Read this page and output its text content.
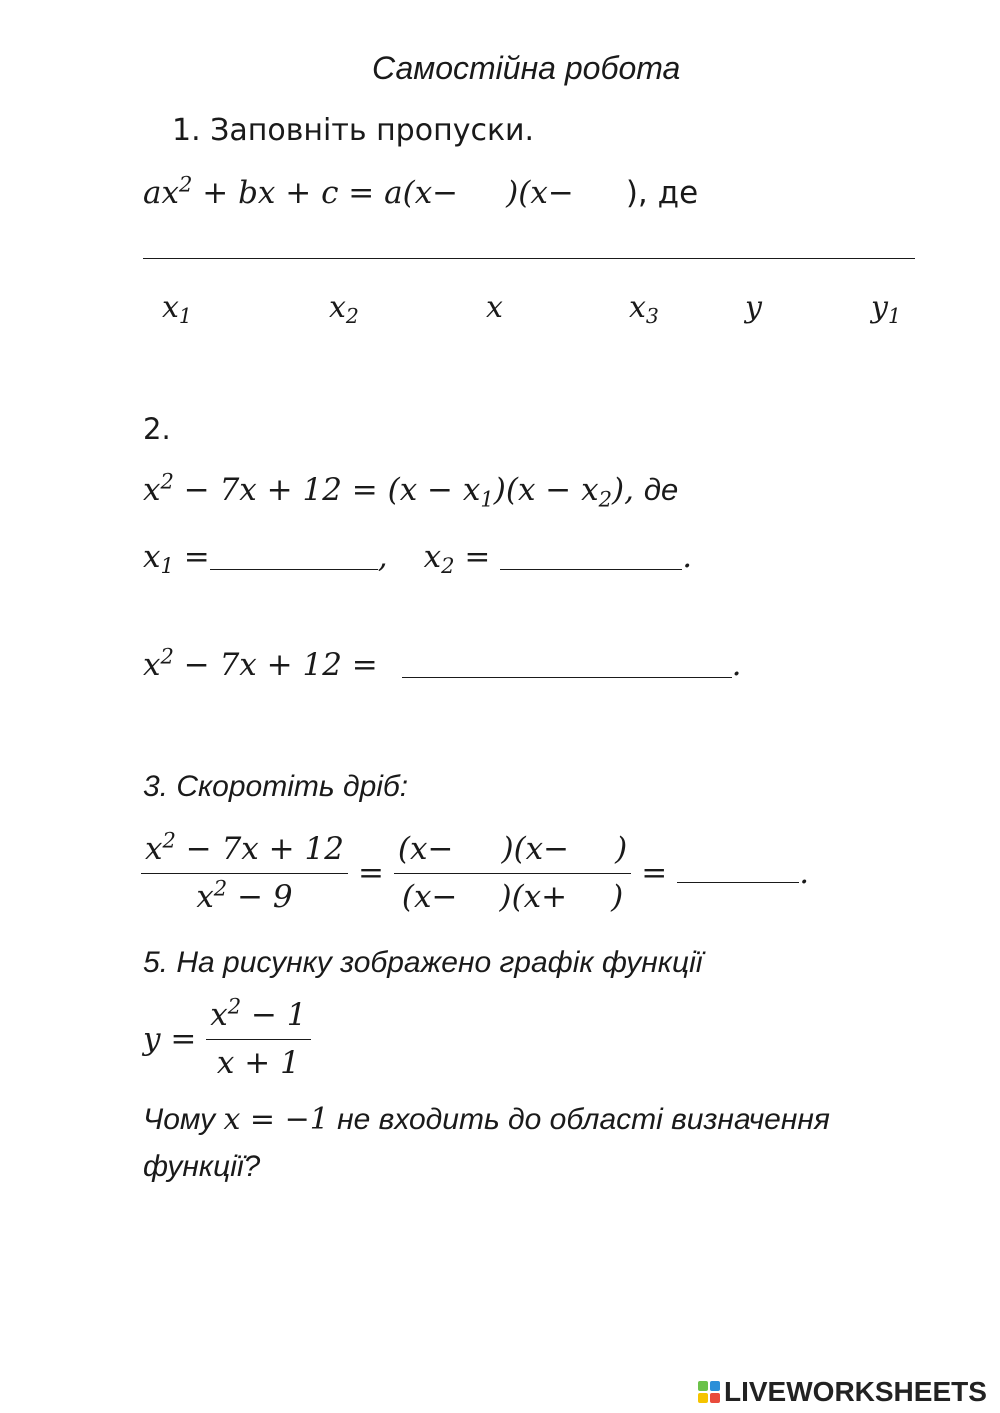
Самостійна робота
1. Заповніть пропуски.
$ax^2$ + bx + c = a(x− )(x− ), де
$x_1$	$x_2$	x	$x_3$	y	$y_1$
2.
$x^2 - 7x + 12 = (x - x_1)(x - x_2)$, де
$x_1$ =	, $x_2$ =	.
$x^2 - 7x + 12$ =	.
3. Скоротіть дріб:
$\frac{x^2 - 7x + 12}{x^2 - 9} = \frac{(x- )(x- )}{(x- )(x+ )}$ =	.
5. На рисунку зображено графік функції
$y = \frac{x^2 - 1}{x + 1}$
Чому x = −1 не входить до області визначення
функції?
LIVEWORKSHEETS
